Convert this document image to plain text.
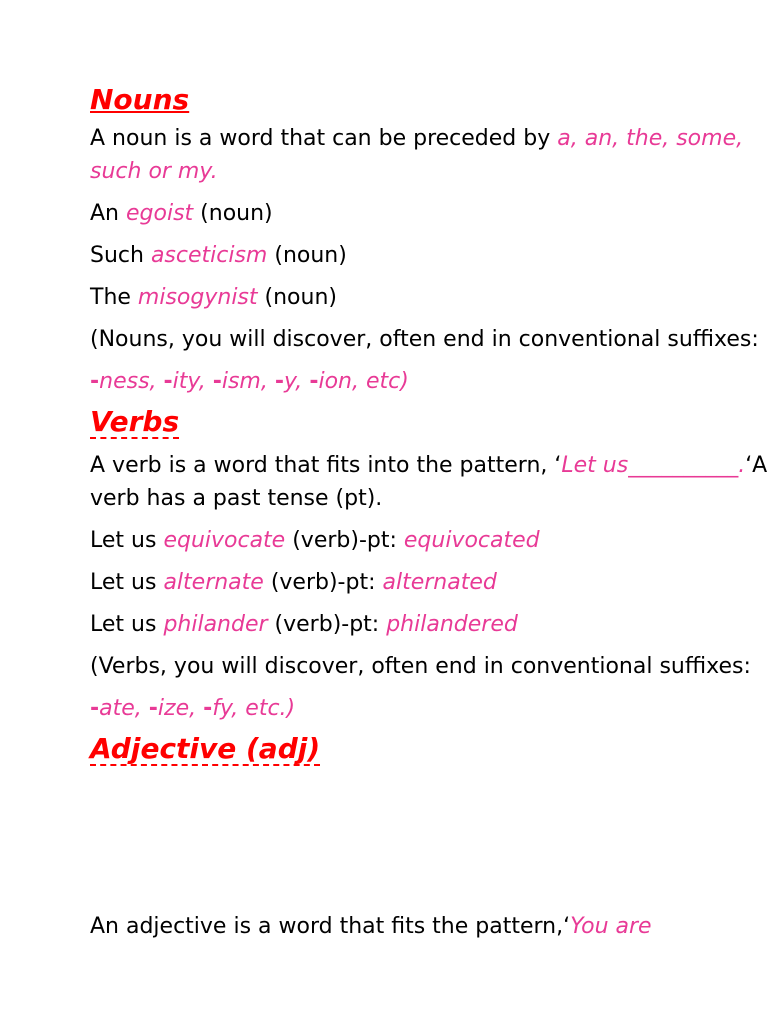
Nouns
A noun is a word that can be preceded by a, an, the, some, such or my.
An egoist (noun)
Such asceticism (noun)
The misogynist (noun)
(Nouns, you will discover, often end in conventional suffixes:
-ness, -ity, -ism, -y, -ion, etc)
Verbs
A verb is a word that fits into the pattern, ‘Let us__________.‘A verb has a past tense (pt).
Let us equivocate (verb)-pt: equivocated
Let us alternate (verb)-pt: alternated
Let us philander (verb)-pt: philandered
(Verbs, you will discover, often end in conventional suffixes:
-ate, -ize, -fy, etc.)
Adjective (adj)
An adjective is a word that fits the pattern,‘You are
